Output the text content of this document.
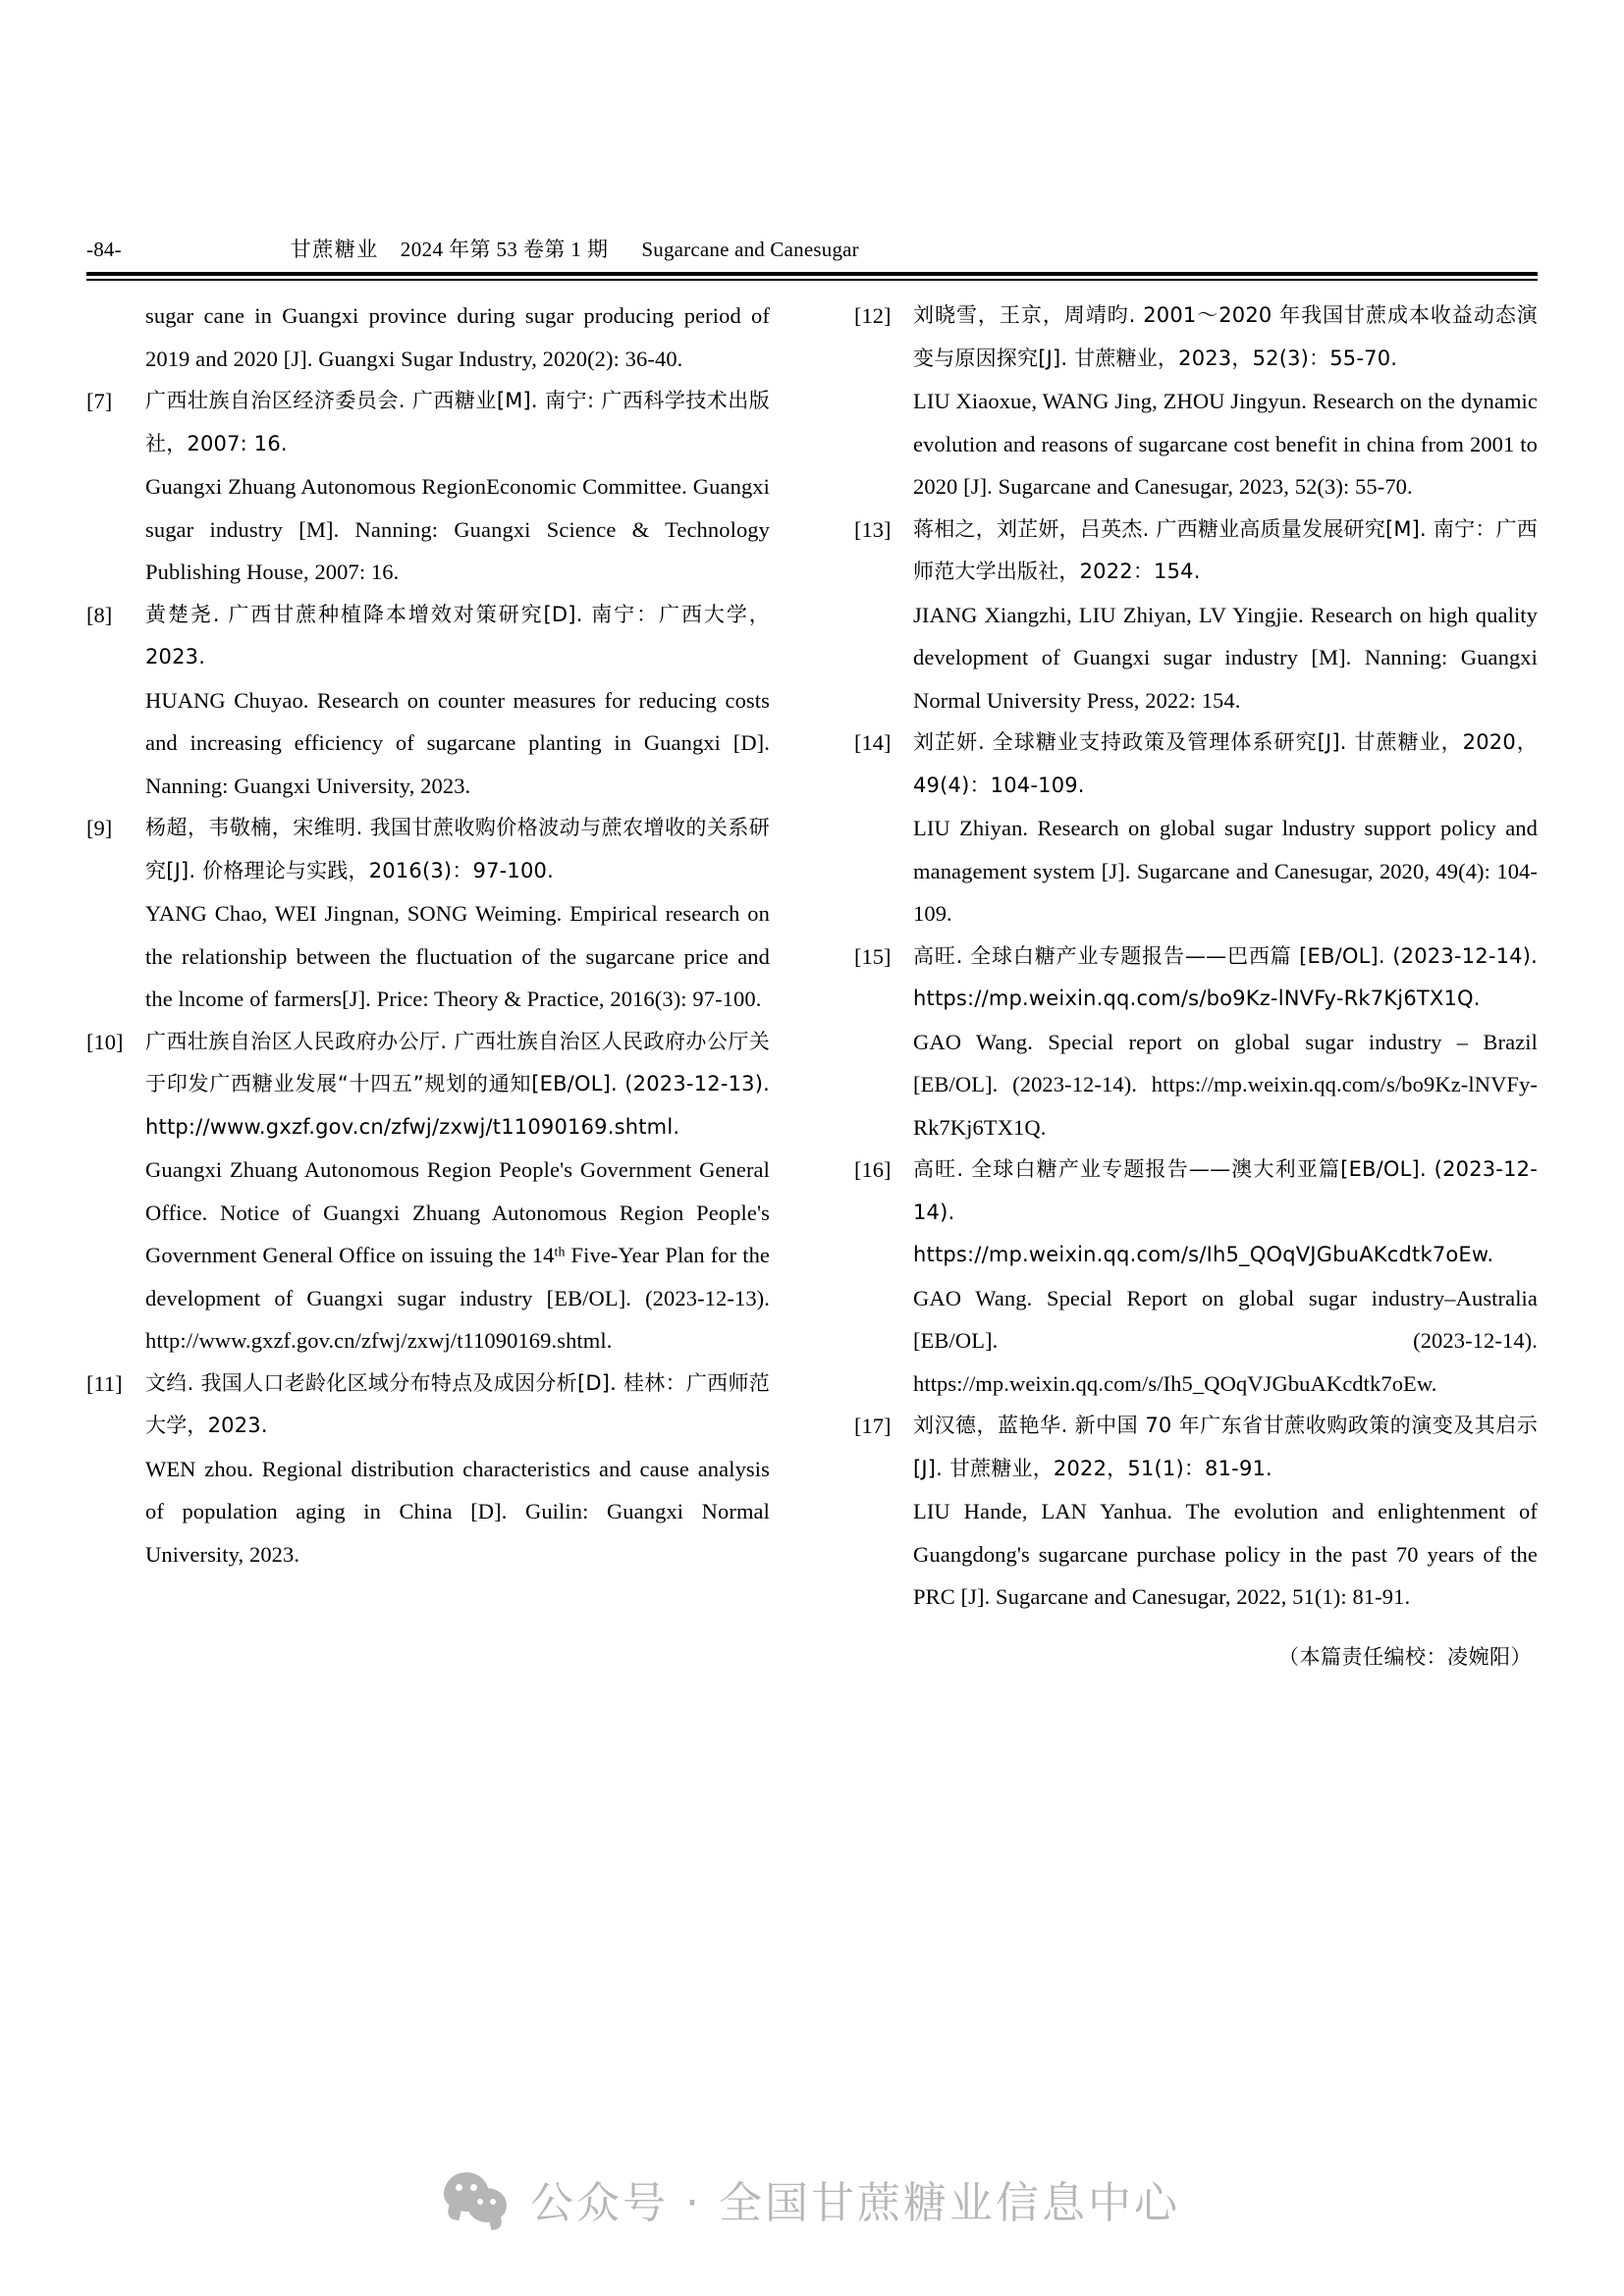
-84-	甘蔗糖业 2024 年第 53 卷第 1 期 Sugarcane and Canesugar

sugar cane in Guangxi province during sugar producing period of 2019 and 2020 [J]. Guangxi Sugar Industry, 2020(2): 36-40.

[7]	广西壮族自治区经济委员会. 广西糖业[M]. 南宁: 广西科学技术出版社，2007: 16.

Guangxi Zhuang Autonomous RegionEconomic Committee. Guangxi sugar industry [M]. Nanning: Guangxi Science & Technology Publishing House, 2007: 16.

[8]	黄楚尧. 广西甘蔗种植降本增效对策研究[D]. 南宁：广西大学，2023.

HUANG Chuyao. Research on counter measures for reducing costs and increasing efficiency of sugarcane planting in Guangxi [D]. Nanning: Guangxi University, 2023.

[9]	杨超，韦敬楠，宋维明. 我国甘蔗收购价格波动与蔗农增收的关系研究[J]. 价格理论与实践，2016(3)：97-100.

YANG Chao, WEI Jingnan, SONG Weiming. Empirical research on the relationship between the fluctuation of the sugarcane price and the lncome of farmers[J]. Price: Theory & Practice, 2016(3): 97-100.

[10]	广西壮族自治区人民政府办公厅. 广西壮族自治区人民政府办公厅关于印发广西糖业发展“十四五”规划的通知[EB/OL]. (2023-12-13). http://www.gxzf.gov.cn/zfwj/zxwj/t11090169.shtml.

Guangxi Zhuang Autonomous Region People's Government General Office. Notice of Guangxi Zhuang Autonomous Region People's Government General Office on issuing the 14th Five-Year Plan for the development of Guangxi sugar industry [EB/OL]. (2023-12-13). http://www.gxzf.gov.cn/zfwj/zxwj/t11090169.shtml.

[11]	文绉. 我国人口老龄化区域分布特点及成因分析[D]. 桂林：广西师范大学，2023.

WEN zhou. Regional distribution characteristics and cause analysis of population aging in China [D]. Guilin: Guangxi Normal University, 2023.

[12]	刘晓雪，王京，周靖昀. 2001～2020 年我国甘蔗成本收益动态演变与原因探究[J]. 甘蔗糖业，2023，52(3)：55-70.

LIU Xiaoxue, WANG Jing, ZHOU Jingyun. Research on the dynamic evolution and reasons of sugarcane cost benefit in china from 2001 to 2020 [J]. Sugarcane and Canesugar, 2023, 52(3): 55-70.

[13]	蒋相之，刘芷妍，吕英杰. 广西糖业高质量发展研究[M]. 南宁：广西师范大学出版社，2022：154.

JIANG Xiangzhi, LIU Zhiyan, LV Yingjie. Research on high quality development of Guangxi sugar industry [M]. Nanning: Guangxi Normal University Press, 2022: 154.

[14]	刘芷妍. 全球糖业支持政策及管理体系研究[J]. 甘蔗糖业，2020，49(4)：104-109.

LIU Zhiyan. Research on global sugar lndustry support policy and management system [J]. Sugarcane and Canesugar, 2020, 49(4): 104-109.

[15]	高旺. 全球白糖产业专题报告——巴西篇 [EB/OL]. (2023-12-14). https://mp.weixin.qq.com/s/bo9Kz-lNVFy-Rk7Kj6TX1Q.

GAO Wang. Special report on global sugar industry – Brazil [EB/OL]. (2023-12-14). https://mp.weixin.qq.com/s/bo9Kz-lNVFy-Rk7Kj6TX1Q.

[16]	高旺. 全球白糖产业专题报告——澳大利亚篇[EB/OL]. (2023-12-14). https://mp.weixin.qq.com/s/Ih5_QOqVJGbuAKcdtk7oEw.

GAO Wang. Special Report on global sugar industry–Australia [EB/OL]. (2023-12-14). https://mp.weixin.qq.com/s/Ih5_QOqVJGbuAKcdtk7oEw.

[17]	刘汉德，蓝艳华. 新中国 70 年广东省甘蔗收购政策的演变及其启示[J]. 甘蔗糖业，2022，51(1)：81-91.

LIU Hande, LAN Yanhua. The evolution and enlightenment of Guangdong's sugarcane purchase policy in the past 70 years of the PRC [J]. Sugarcane and Canesugar, 2022, 51(1): 81-91.

（本篇责任编校：凌婉阳）

公众号 · 全国甘蔗糖业信息中心
